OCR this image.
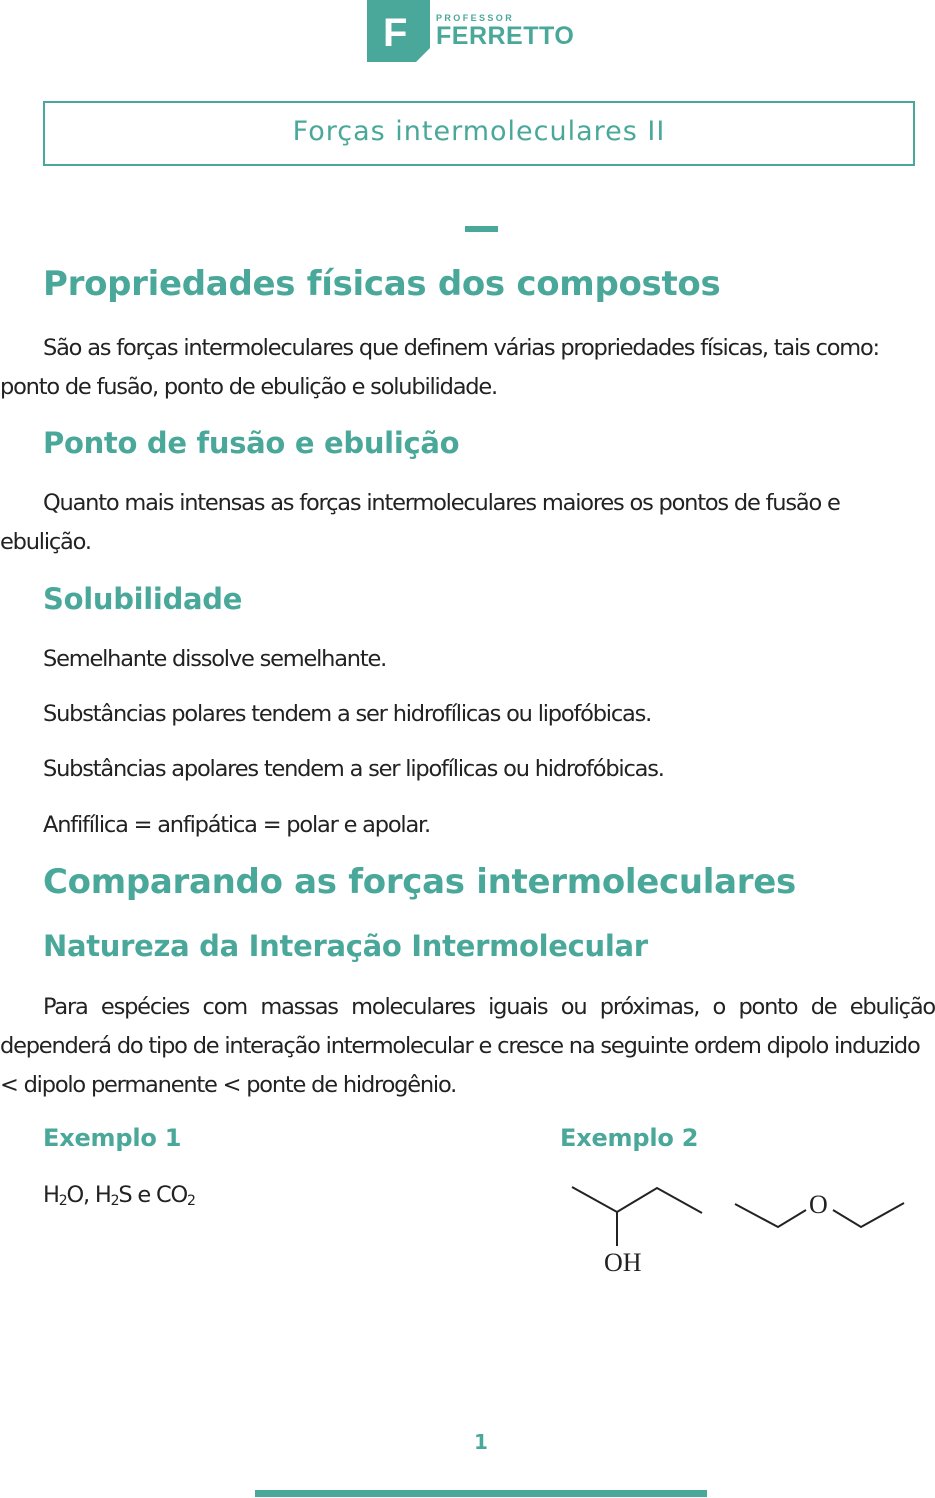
F	PROFESSOR
FERRETTO
Forças intermoleculares II
Propriedades físicas dos compostos
São as forças intermoleculares que definem várias propriedades físicas, tais como:
ponto de fusão, ponto de ebulição e solubilidade.
Ponto de fusão e ebulição
Quanto mais intensas as forças intermoleculares maiores os pontos de fusão e
ebulição.
Solubilidade
Semelhante dissolve semelhante.
Substâncias polares tendem a ser hidrofílicas ou lipofóbicas.
Substâncias apolares tendem a ser lipofílicas ou hidrofóbicas.
Anfifílica = anfipática = polar e apolar.
Comparando as forças intermoleculares
Natureza da Interação Intermolecular
Para espécies com massas moleculares iguais ou próximas, o ponto de ebulição
dependerá do tipo de interação intermolecular e cresce na seguinte ordem dipolo induzido
< dipolo permanente < ponte de hidrogênio.
Exemplo 1	Exemplo 2
$H_2O$, $H_2S$ e $CO_2$
OH
O
1
